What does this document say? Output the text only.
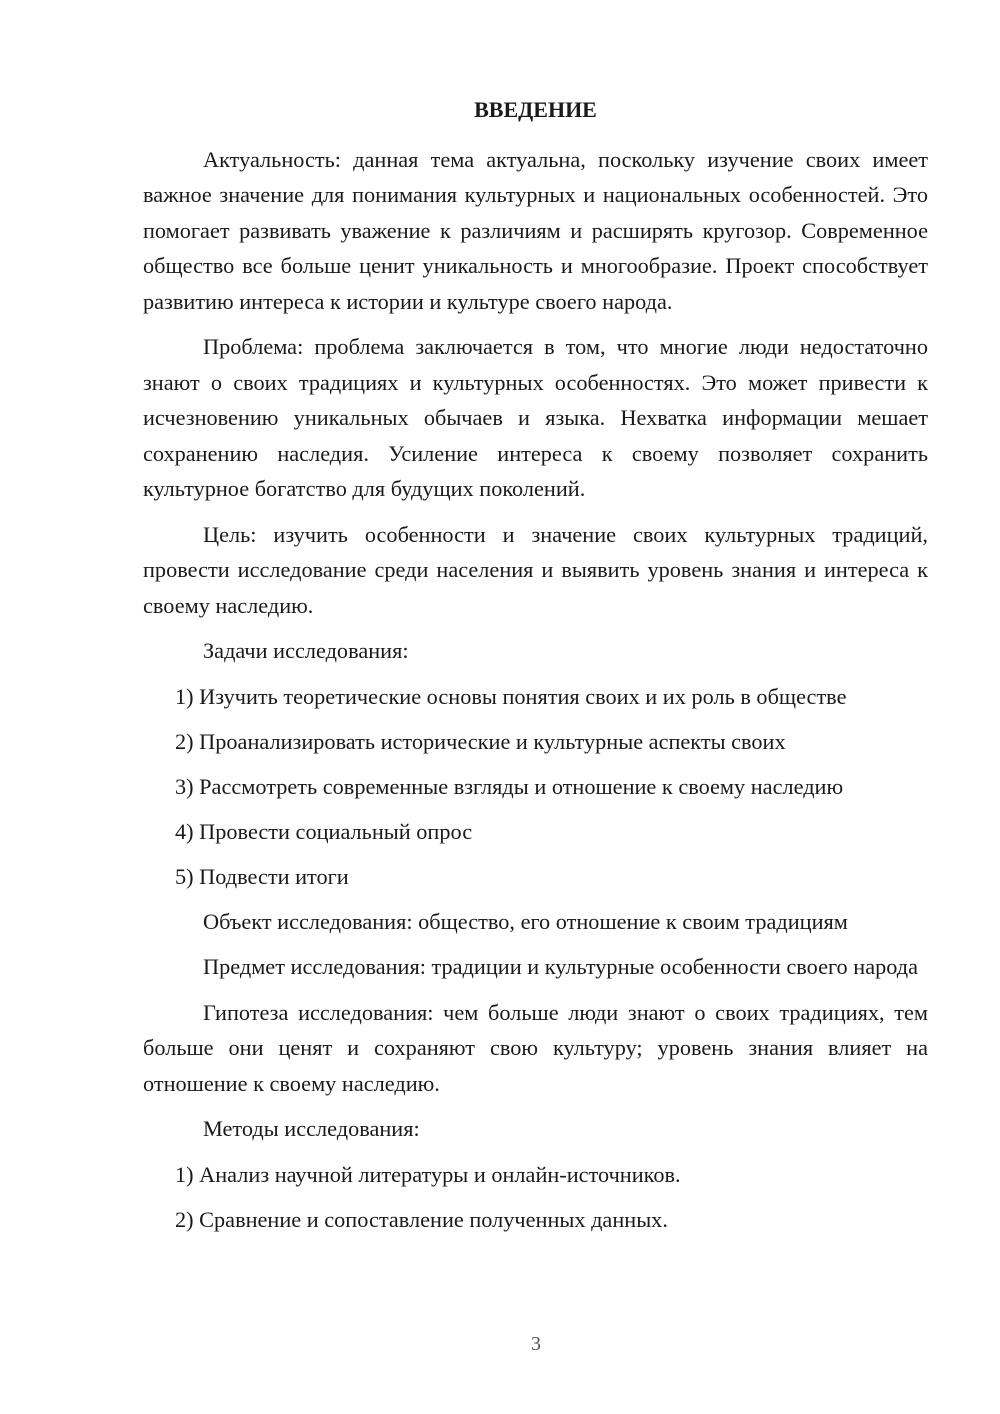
ВВЕДЕНИЕ

Актуальность: данная тема актуальна, поскольку изучение своих имеет важное значение для понимания культурных и национальных особенностей. Это помогает развивать уважение к различиям и расширять кругозор. Современное общество все больше ценит уникальность и многообразие. Проект способствует развитию интереса к истории и культуре своего народа.

Проблема: проблема заключается в том, что многие люди недостаточно знают о своих традициях и культурных особенностях. Это может привести к исчезновению уникальных обычаев и языка. Нехватка информации мешает сохранению наследия. Усиление интереса к своему позволяет сохранить культурное богатство для будущих поколений.

Цель: изучить особенности и значение своих культурных традиций, провести исследование среди населения и выявить уровень знания и интереса к своему наследию.

Задачи исследования:

1) Изучить теоретические основы понятия своих и их роль в обществе

2) Проанализировать исторические и культурные аспекты своих

3) Рассмотреть современные взгляды и отношение к своему наследию

4) Провести социальный опрос

5) Подвести итоги

Объект исследования: общество, его отношение к своим традициям

Предмет исследования: традиции и культурные особенности своего народа

Гипотеза исследования: чем больше люди знают о своих традициях, тем больше они ценят и сохраняют свою культуру; уровень знания влияет на отношение к своему наследию.

Методы исследования:

1) Анализ научной литературы и онлайн-источников.

2) Сравнение и сопоставление полученных данных.

3
